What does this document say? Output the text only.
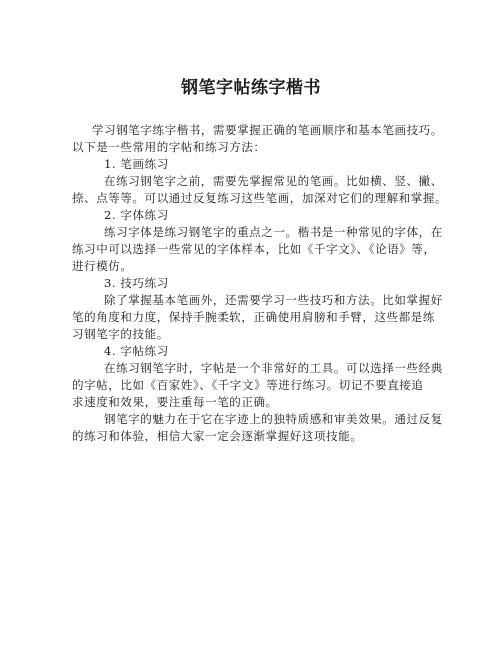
钢笔字帖练字楷书
学习钢笔字练字楷书，需要掌握正确的笔画顺序和基本笔画技巧。
以下是一些常用的字帖和练习方法：
1. 笔画练习
在练习钢笔字之前，需要先掌握常见的笔画。比如横、竖、撇、
捺、点等等。可以通过反复练习这些笔画，加深对它们的理解和掌握。
2. 字体练习
练习字体是练习钢笔字的重点之一。楷书是一种常见的字体，在
练习中可以选择一些常见的字体样本，比如《千字文》、《论语》等，
进行模仿。
3. 技巧练习
除了掌握基本笔画外，还需要学习一些技巧和方法。比如掌握好
笔的角度和力度，保持手腕柔软，正确使用肩膀和手臂，这些都是练
习钢笔字的技能。
4. 字帖练习
在练习钢笔字时，字帖是一个非常好的工具。可以选择一些经典
的字帖，比如《百家姓》、《千字文》等进行练习。切记不要直接追
求速度和效果，要注重每一笔的正确。
钢笔字的魅力在于它在字迹上的独特质感和审美效果。通过反复
的练习和体验，相信大家一定会逐渐掌握好这项技能。
